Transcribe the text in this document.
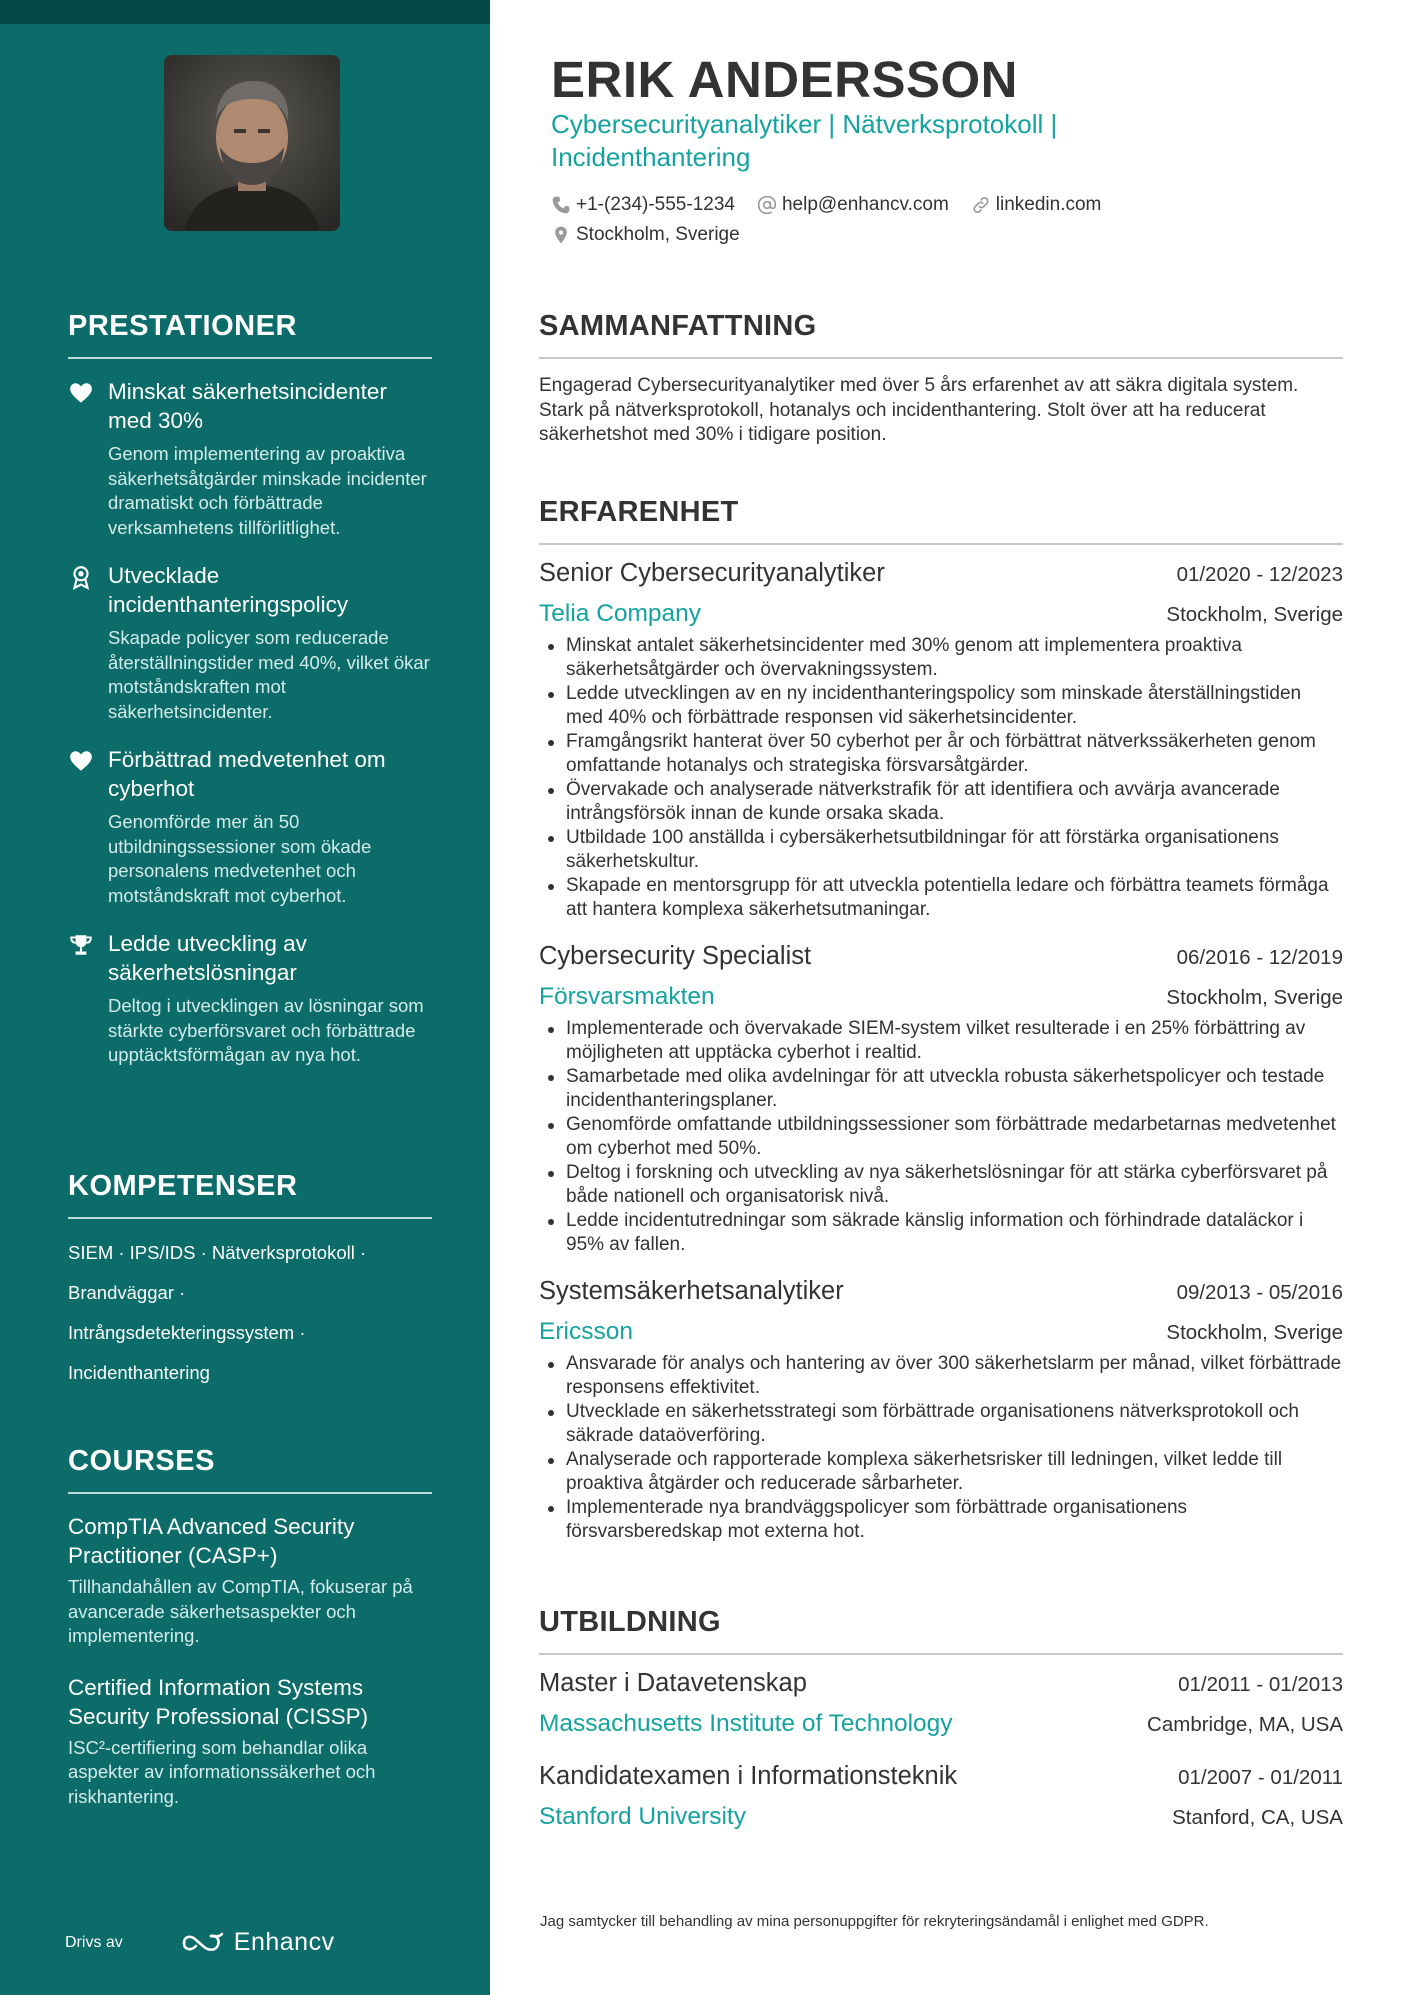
PRESTATIONER
Minskat säkerhetsincidenter med 30%
Genom implementering av proaktiva säkerhetsåtgärder minskade incidenter dramatiskt och förbättrade verksamhetens tillförlitlighet.
Utvecklade incidenthanteringspolicy
Skapade policyer som reducerade återställningstider med 40%, vilket ökar motståndskraften mot säkerhetsincidenter.
Förbättrad medvetenhet om cyberhot
Genomförde mer än 50 utbildningssessioner som ökade personalens medvetenhet och motståndskraft mot cyberhot.
Ledde utveckling av säkerhetslösningar
Deltog i utvecklingen av lösningar som stärkte cyberförsvaret och förbättrade upptäcktsförmågan av nya hot.
KOMPETENSER
SIEM · IPS/IDS · Nätverksprotokoll ·
Brandväggar ·
Intrångsdetekteringssystem ·
Incidenthantering
COURSES
CompTIA Advanced Security Practitioner (CASP+)
Tillhandahållen av CompTIA, fokuserar på avancerade säkerhetsaspekter och implementering.
Certified Information Systems Security Professional (CISSP)
ISC²-certifiering som behandlar olika aspekter av informationssäkerhet och riskhantering.
Drivs av	Enhancv
ERIK ANDERSSON
Cybersecurityanalytiker | Nätverksprotokoll | Incidenthantering
+1-(234)-555-1234 help@enhancv.com linkedin.com
Stockholm, Sverige
SAMMANFATTNING

Engagerad Cybersecurityanalytiker med över 5 års erfarenhet av att säkra digitala system. Stark på nätverksprotokoll, hotanalys och incidenthantering. Stolt över att ha reducerat säkerhetshot med 30% i tidigare position.

ERFARENHET
Senior Cybersecurityanalytiker	01/2020 - 12/2023
Telia Company	Stockholm, Sverige
Minskat antalet säkerhetsincidenter med 30% genom att implementera proaktiva säkerhetsåtgärder och övervakningssystem.
Ledde utvecklingen av en ny incidenthanteringspolicy som minskade återställningstiden med 40% och förbättrade responsen vid säkerhetsincidenter.
Framgångsrikt hanterat över 50 cyberhot per år och förbättrat nätverkssäkerheten genom omfattande hotanalys och strategiska försvarsåtgärder.
Övervakade och analyserade nätverkstrafik för att identifiera och avvärja avancerade intrångsförsök innan de kunde orsaka skada.
Utbildade 100 anställda i cybersäkerhetsutbildningar för att förstärka organisationens säkerhetskultur.
Skapade en mentorsgrupp för att utveckla potentiella ledare och förbättra teamets förmåga att hantera komplexa säkerhetsutmaningar.
Cybersecurity Specialist	06/2016 - 12/2019
Försvarsmakten	Stockholm, Sverige
Implementerade och övervakade SIEM-system vilket resulterade i en 25% förbättring av möjligheten att upptäcka cyberhot i realtid.
Samarbetade med olika avdelningar för att utveckla robusta säkerhetspolicyer och testade incidenthanteringsplaner.
Genomförde omfattande utbildningssessioner som förbättrade medarbetarnas medvetenhet om cyberhot med 50%.
Deltog i forskning och utveckling av nya säkerhetslösningar för att stärka cyberförsvaret på både nationell och organisatorisk nivå.
Ledde incidentutredningar som säkrade känslig information och förhindrade dataläckor i 95% av fallen.
Systemsäkerhetsanalytiker	09/2013 - 05/2016
Ericsson	Stockholm, Sverige
Ansvarade för analys och hantering av över 300 säkerhetslarm per månad, vilket förbättrade responsens effektivitet.
Utvecklade en säkerhetsstrategi som förbättrade organisationens nätverksprotokoll och säkrade dataöverföring.
Analyserade och rapporterade komplexa säkerhetsrisker till ledningen, vilket ledde till proaktiva åtgärder och reducerade sårbarheter.
Implementerade nya brandväggspolicyer som förbättrade organisationens försvarsberedskap mot externa hot.
UTBILDNING
Master i Datavetenskap	01/2011 - 01/2013
Massachusetts Institute of Technology	Cambridge, MA, USA
Kandidatexamen i Informationsteknik	01/2007 - 01/2011
Stanford University	Stanford, CA, USA

Jag samtycker till behandling av mina personuppgifter för rekryteringsändamål i enlighet med GDPR.
